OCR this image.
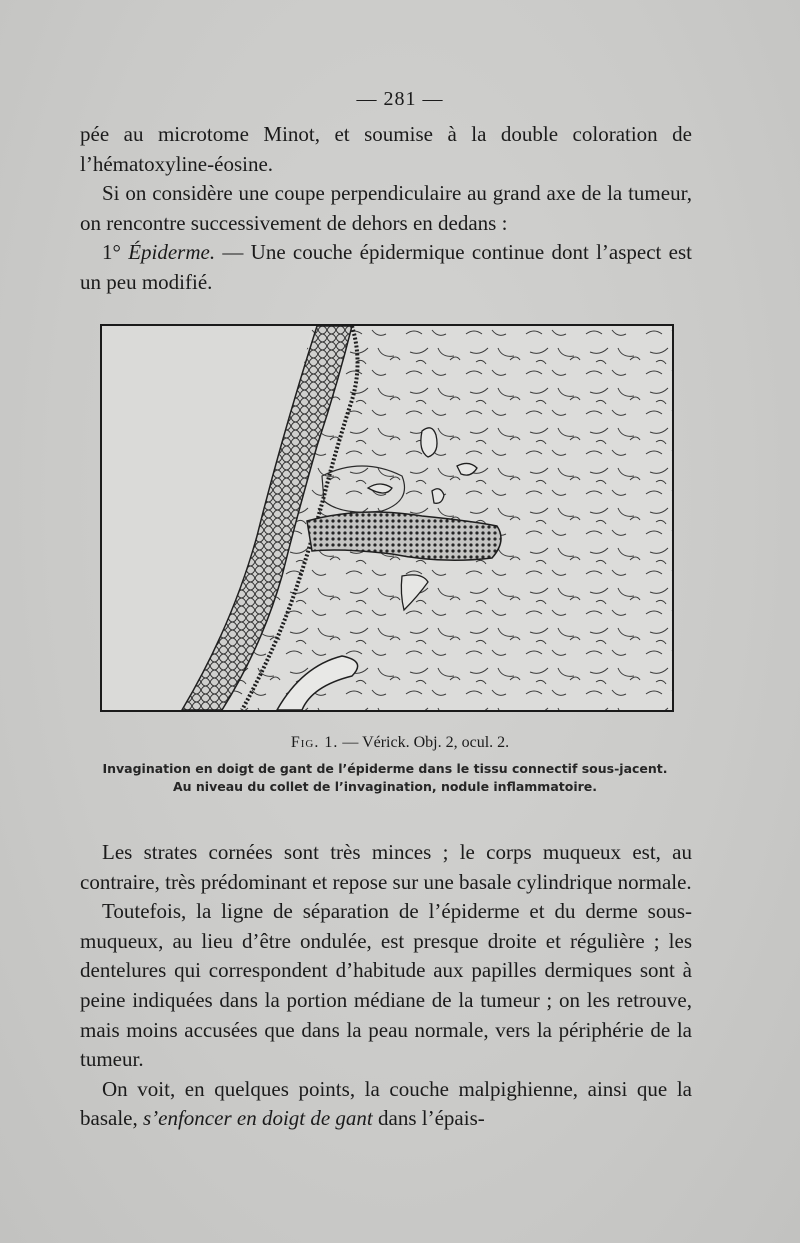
— 281 —

pée au microtome Minot, et soumise à la double coloration de l’hématoxyline-éosine.

Si on considère une coupe perpendiculaire au grand axe de la tumeur, on rencontre successivement de dehors en dedans :

1° Épiderme. — Une couche épidermique continue dont l’aspect est un peu modifié.

Fig. 1. — Vérick. Obj. 2, ocul. 2.
Invagination en doigt de gant de l’épiderme dans le tissu connectif sous-jacent.
Au niveau du collet de l’invagination, nodule inflammatoire.

Les strates cornées sont très minces ; le corps muqueux est, au contraire, très prédominant et repose sur une basale cylindrique normale.

Toutefois, la ligne de séparation de l’épiderme et du derme sous-muqueux, au lieu d’être ondulée, est presque droite et régulière ; les dentelures qui correspondent d’habitude aux papilles dermiques sont à peine indiquées dans la portion médiane de la tumeur ; on les retrouve, mais moins accusées que dans la peau normale, vers la périphérie de la tumeur.

On voit, en quelques points, la couche malpighienne, ainsi que la basale, s’enfoncer en doigt de gant dans l’épais-
